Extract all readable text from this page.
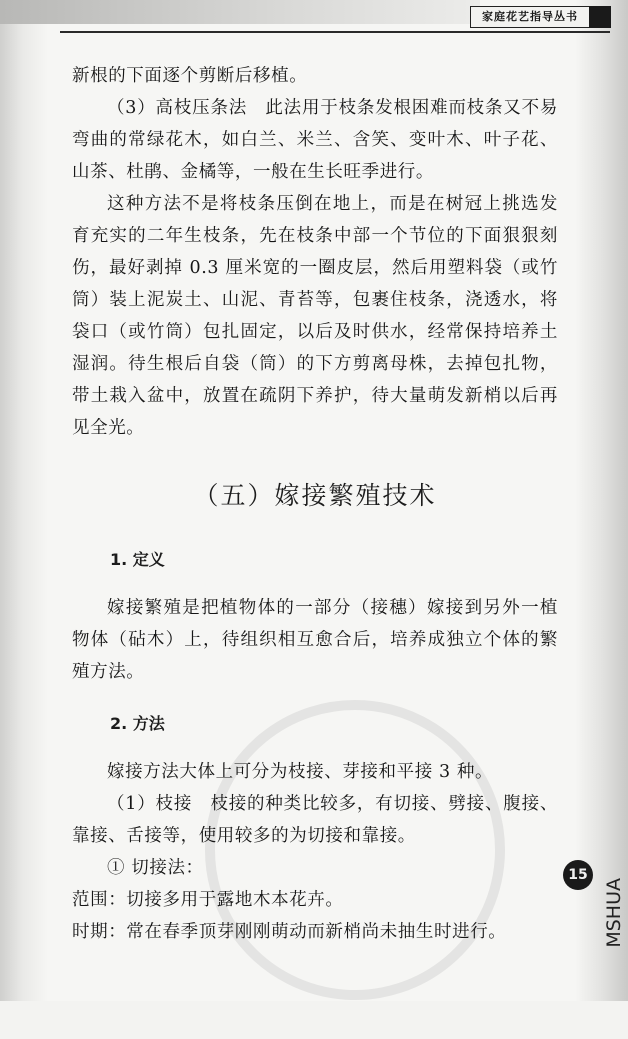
家庭花艺指导丛书

新根的下面逐个剪断后移植。

（3）高枝压条法　此法用于枝条发根困难而枝条又不易弯曲的常绿花木，如白兰、米兰、含笑、变叶木、叶子花、山茶、杜鹃、金橘等，一般在生长旺季进行。

这种方法不是将枝条压倒在地上，而是在树冠上挑选发育充实的二年生枝条，先在枝条中部一个节位的下面狠狠刻伤，最好剥掉 0.3 厘米宽的一圈皮层，然后用塑料袋（或竹筒）装上泥炭土、山泥、青苔等，包裹住枝条，浇透水，将袋口（或竹筒）包扎固定，以后及时供水，经常保持培养土湿润。待生根后自袋（筒）的下方剪离母株，去掉包扎物，带土栽入盆中，放置在疏阴下养护，待大量萌发新梢以后再见全光。

（五）嫁接繁殖技术
1. 定义

嫁接繁殖是把植物体的一部分（接穗）嫁接到另外一植物体（砧木）上，待组织相互愈合后，培养成独立个体的繁殖方法。

2. 方法

嫁接方法大体上可分为枝接、芽接和平接 3 种。

（1）枝接　枝接的种类比较多，有切接、劈接、腹接、靠接、舌接等，使用较多的为切接和靠接。

① 切接法：

范围：切接多用于露地木本花卉。

时期：常在春季顶芽刚刚萌动而新梢尚未抽生时进行。

15
MSHUA
